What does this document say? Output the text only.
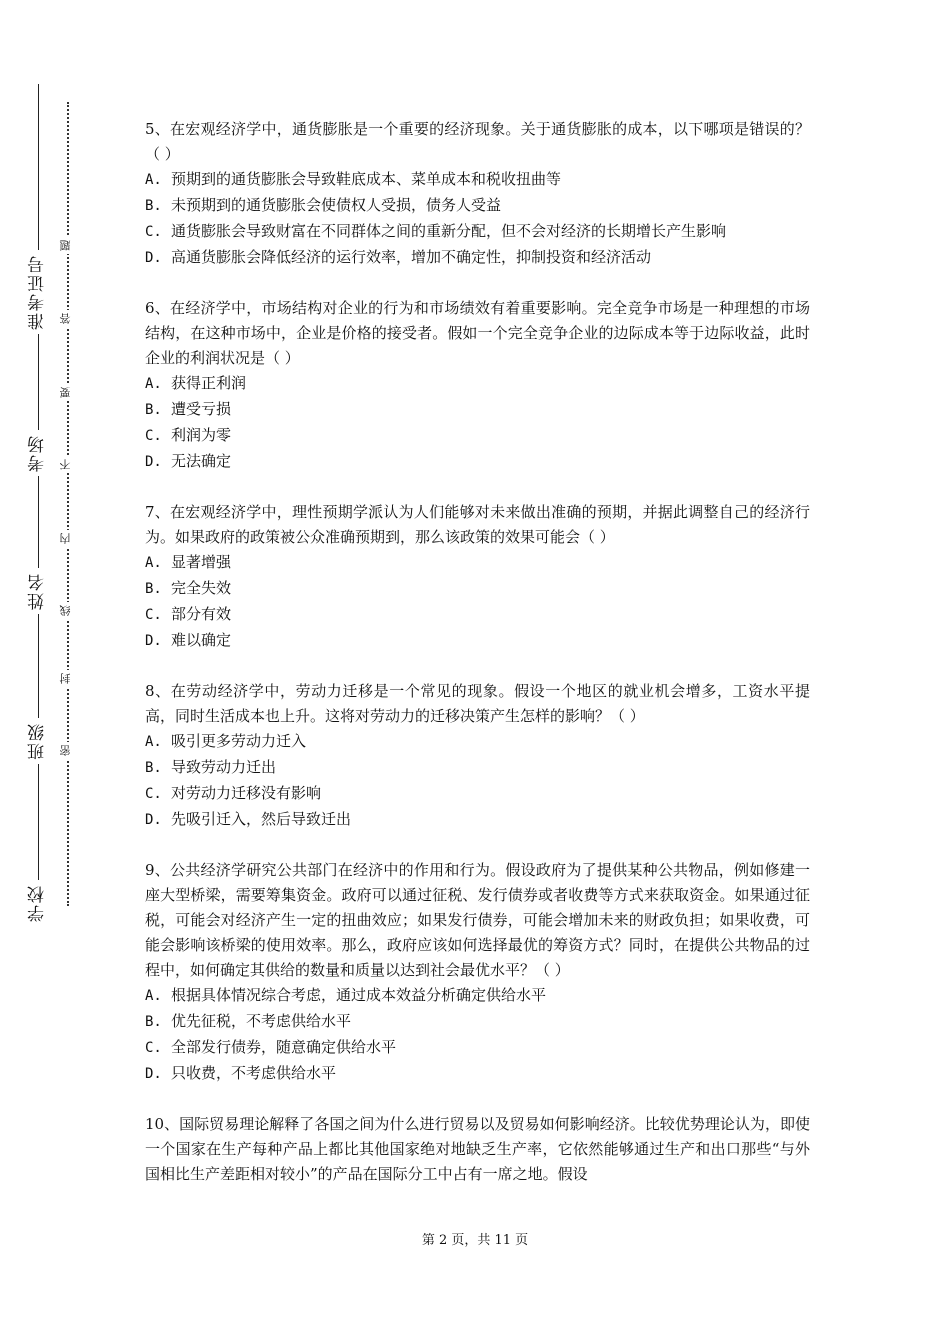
准考证号
考场
姓名
班级
学校
题
答
要
不
内
线
封
密

5、在宏观经济学中，通货膨胀是一个重要的经济现象。关于通货膨胀的成本，以下哪项是错误的？（ ）

A. 预期到的通货膨胀会导致鞋底成本、菜单成本和税收扭曲等

B. 未预期到的通货膨胀会使债权人受损，债务人受益

C. 通货膨胀会导致财富在不同群体之间的重新分配，但不会对经济的长期增长产生影响

D. 高通货膨胀会降低经济的运行效率，增加不确定性，抑制投资和经济活动

6、在经济学中，市场结构对企业的行为和市场绩效有着重要影响。完全竞争市场是一种理想的市场结构，在这种市场中，企业是价格的接受者。假如一个完全竞争企业的边际成本等于边际收益，此时企业的利润状况是（ ）

A. 获得正利润

B. 遭受亏损

C. 利润为零

D. 无法确定

7、在宏观经济学中，理性预期学派认为人们能够对未来做出准确的预期，并据此调整自己的经济行为。如果政府的政策被公众准确预期到，那么该政策的效果可能会（ ）

A. 显著增强

B. 完全失效

C. 部分有效

D. 难以确定

8、在劳动经济学中，劳动力迁移是一个常见的现象。假设一个地区的就业机会增多，工资水平提高，同时生活成本也上升。这将对劳动力的迁移决策产生怎样的影响？（ ）

A. 吸引更多劳动力迁入

B. 导致劳动力迁出

C. 对劳动力迁移没有影响

D. 先吸引迁入，然后导致迁出

9、公共经济学研究公共部门在经济中的作用和行为。假设政府为了提供某种公共物品，例如修建一座大型桥梁，需要筹集资金。政府可以通过征税、发行债券或者收费等方式来获取资金。如果通过征税，可能会对经济产生一定的扭曲效应；如果发行债券，可能会增加未来的财政负担；如果收费，可能会影响该桥梁的使用效率。那么，政府应该如何选择最优的筹资方式？同时，在提供公共物品的过程中，如何确定其供给的数量和质量以达到社会最优水平？（ ）

A. 根据具体情况综合考虑，通过成本效益分析确定供给水平

B. 优先征税，不考虑供给水平

C. 全部发行债券，随意确定供给水平

D. 只收费，不考虑供给水平

10、国际贸易理论解释了各国之间为什么进行贸易以及贸易如何影响经济。比较优势理论认为，即使一个国家在生产每种产品上都比其他国家绝对地缺乏生产率，它依然能够通过生产和出口那些“与外国相比生产差距相对较小”的产品在国际分工中占有一席之地。假设

第 2 页，共 11 页
